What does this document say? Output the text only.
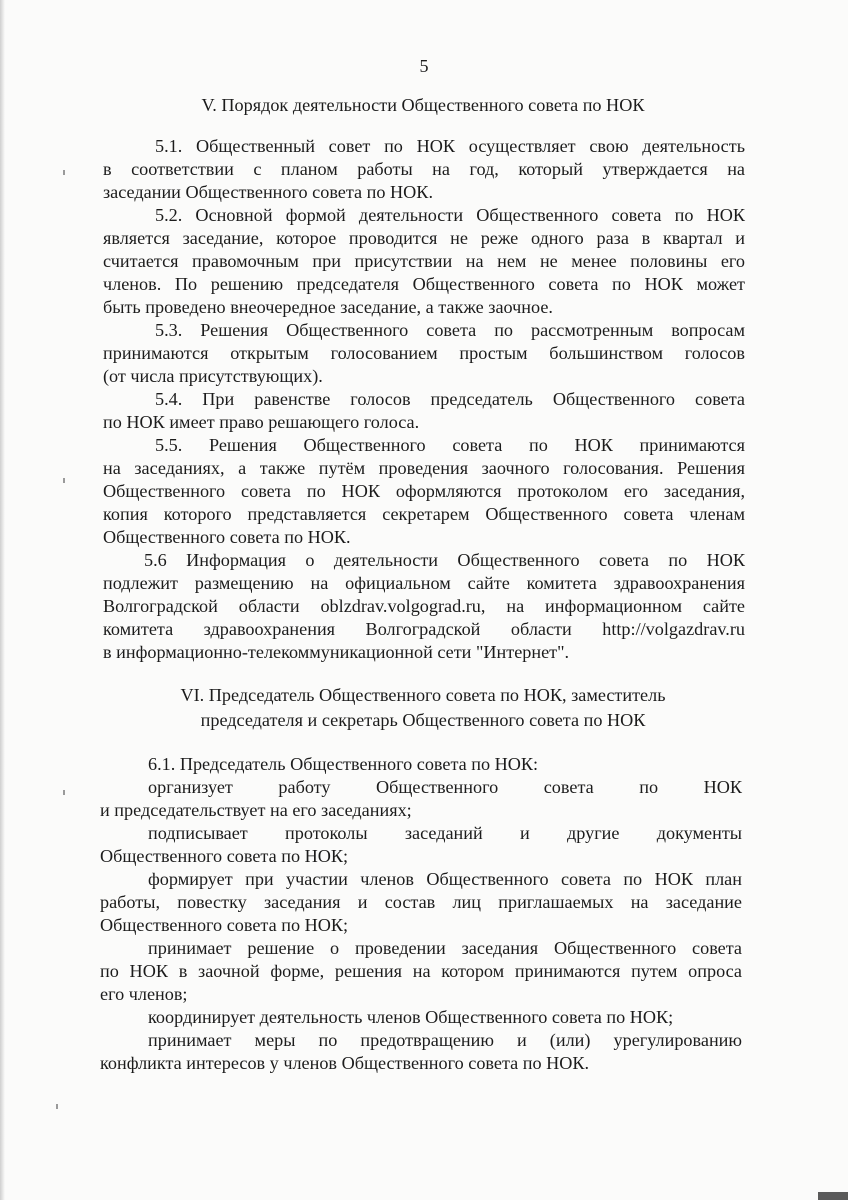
5
V. Порядок деятельности Общественного совета по НОК
5.1. Общественный совет по НОК осуществляет свою деятельность
в соответствии с планом работы на год, который утверждается на
заседании Общественного совета по НОК.
5.2. Основной формой деятельности Общественного совета по НОК
является заседание, которое проводится не реже одного раза в квартал и
считается правомочным при присутствии на нем не менее половины его
членов. По решению председателя Общественного совета по НОК может
быть проведено внеочередное заседание, а также заочное.
5.3. Решения Общественного совета по рассмотренным вопросам
принимаются открытым голосованием простым большинством голосов
(от числа присутствующих).
5.4. При равенстве голосов председатель Общественного совета
по НОК имеет право решающего голоса.
5.5. Решения Общественного совета по НОК принимаются
на заседаниях, а также путём проведения заочного голосования. Решения
Общественного совета по НОК оформляются протоколом его заседания,
копия которого представляется секретарем Общественного совета членам
Общественного совета по НОК.
5.6 Информация о деятельности Общественного совета по НОК
подлежит размещению на официальном сайте комитета здравоохранения
Волгоградской области oblzdrav.volgograd.ru, на информационном сайте
комитета здравоохранения Волгоградской области http://volgazdrav.ru
в информационно-телекоммуникационной сети "Интернет".
VI. Председатель Общественного совета по НОК, заместитель
председателя и секретарь Общественного совета по НОК
6.1. Председатель Общественного совета по НОК:
организует работу Общественного совета по НОК
и председательствует на его заседаниях;
подписывает протоколы заседаний и другие документы
Общественного совета по НОК;
формирует при участии членов Общественного совета по НОК план
работы, повестку заседания и состав лиц приглашаемых на заседание
Общественного совета по НОК;
принимает решение о проведении заседания Общественного совета
по НОК в заочной форме, решения на котором принимаются путем опроса
его членов;
координирует деятельность членов Общественного совета по НОК;
принимает меры по предотвращению и (или) урегулированию
конфликта интересов у членов Общественного совета по НОК.
